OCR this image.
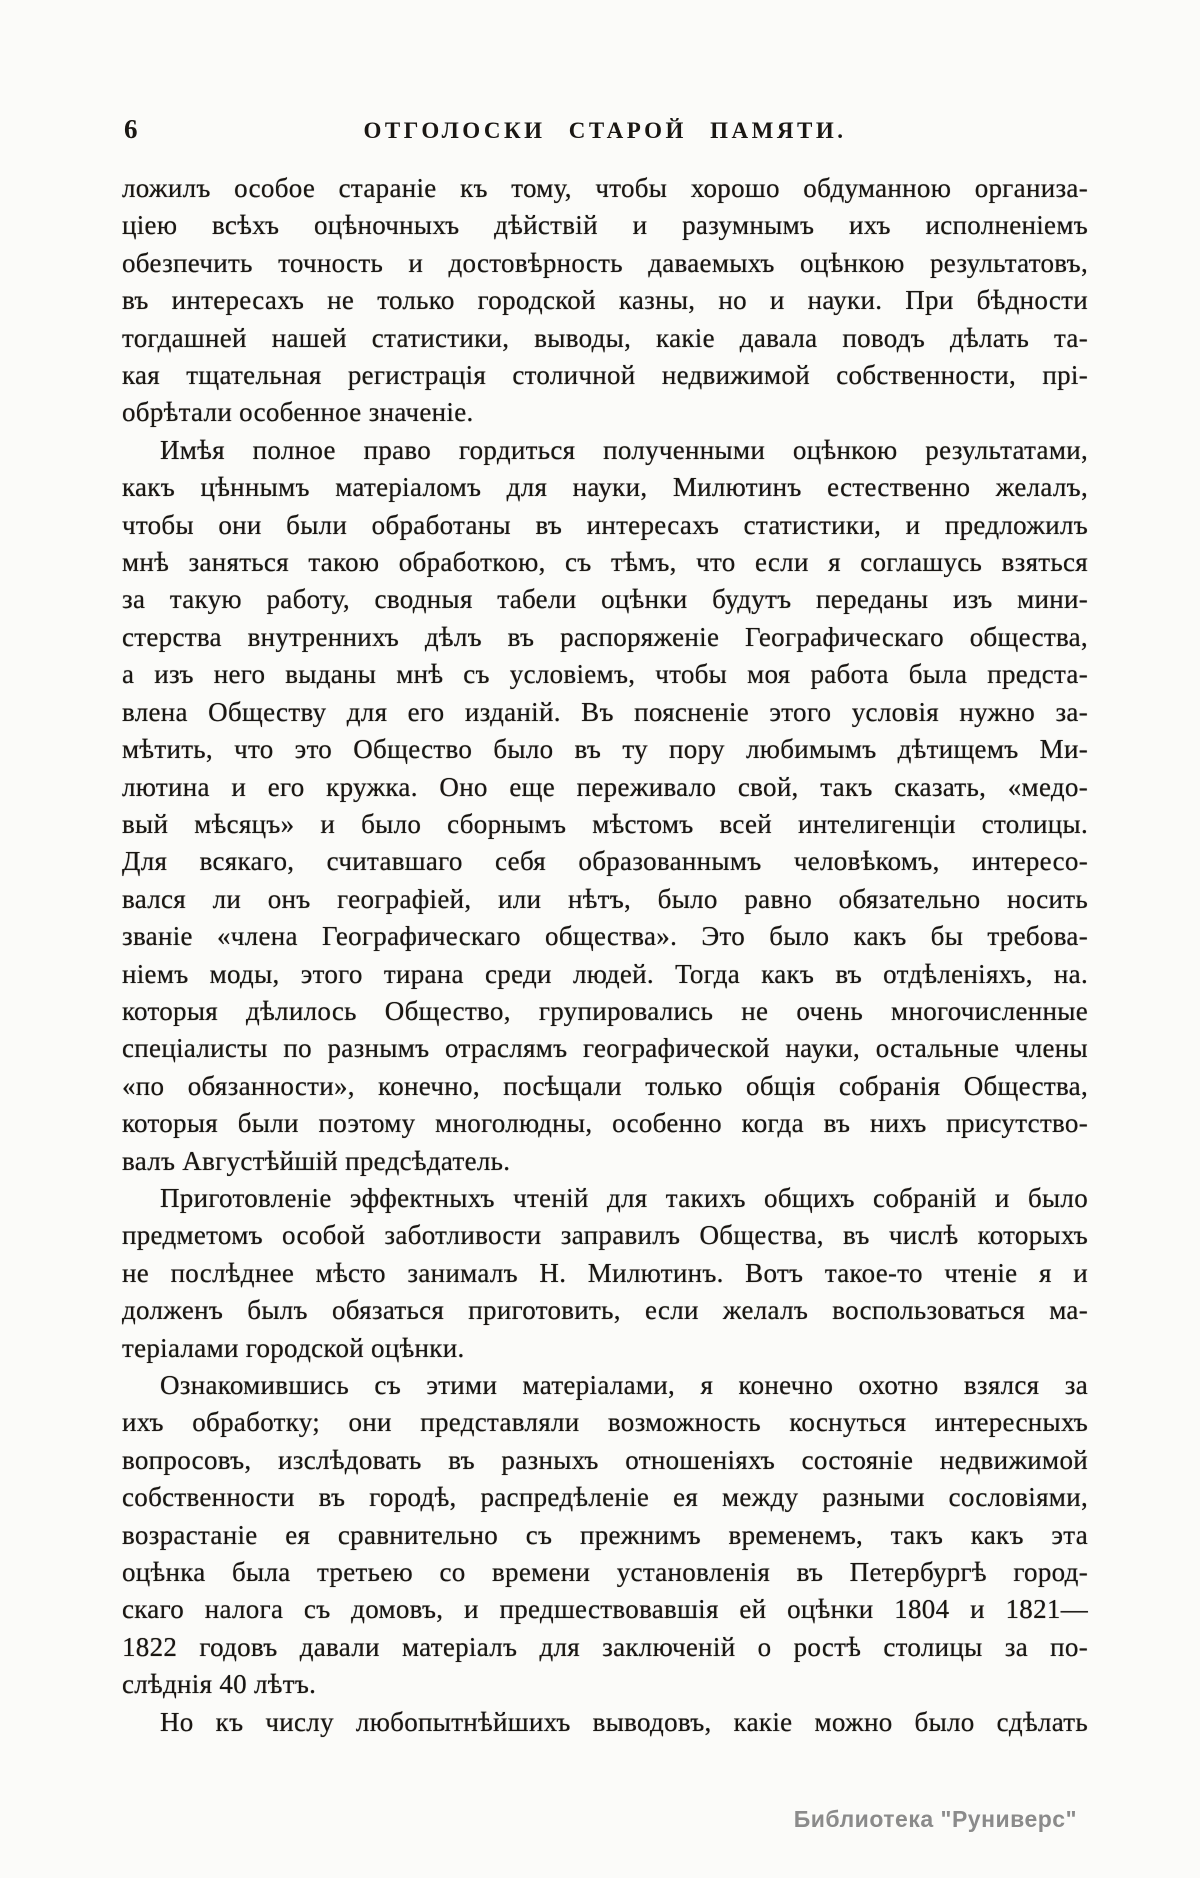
6	ОТГОЛОСКИ СТАРОЙ ПАМЯТИ.
ложилъ особое стараніе къ тому, чтобы хорошо обдуманною организа-
ціею всѣхъ оцѣночныхъ дѣйствій и разумнымъ ихъ исполненіемъ
обезпечить точность и достовѣрность даваемыхъ оцѣнкою результатовъ,
въ интересахъ не только городской казны, но и науки. При бѣдности
тогдашней нашей статистики, выводы, какіе давала поводъ дѣлать та-
кая тщательная регистрація столичной недвижимой собственности, прі-
обрѣтали особенное значеніе.
Имѣя полное право гордиться полученными оцѣнкою результатами,
какъ цѣннымъ матеріаломъ для науки, Милютинъ естественно желалъ,
чтобы они были обработаны въ интересахъ статистики, и предложилъ
мнѣ заняться такою обработкою, съ тѣмъ, что если я соглашусь взяться
за такую работу, сводныя табели оцѣнки будутъ переданы изъ мини-
стерства внутреннихъ дѣлъ въ распоряженіе Географическаго общества,
а изъ него выданы мнѣ съ условіемъ, чтобы моя работа была предста-
влена Обществу для его изданій. Въ поясненіе этого условія нужно за-
мѣтить, что это Общество было въ ту пору любимымъ дѣтищемъ Ми-
лютина и его кружка. Оно еще переживало свой, такъ сказать, «медо-
вый мѣсяцъ» и было сборнымъ мѣстомъ всей интелигенціи столицы.
Для всякаго, считавшаго себя образованнымъ человѣкомъ, интересо-
вался ли онъ географіей, или нѣтъ, было равно обязательно носить
званіе «члена Географическаго общества». Это было какъ бы требова-
ніемъ моды, этого тирана среди людей. Тогда какъ въ отдѣленіяхъ, на.
которыя дѣлилось Общество, групировались не очень многочисленные
спеціалисты по разнымъ отраслямъ географической науки, остальные члены
«по обязанности», конечно, посѣщали только общія собранія Общества,
которыя были поэтому многолюдны, особенно когда въ нихъ присутство-
валъ Августѣйшій предсѣдатель.
Приготовленіе эффектныхъ чтеній для такихъ общихъ собраній и было
предметомъ особой заботливости заправилъ Общества, въ числѣ которыхъ
не послѣднее мѣсто занималъ Н. Милютинъ. Вотъ такое-то чтеніе я и
долженъ былъ обязаться приготовить, если желалъ воспользоваться ма-
теріалами городской оцѣнки.
Ознакомившись съ этими матеріалами, я конечно охотно взялся за
ихъ обработку; они представляли возможность коснуться интересныхъ
вопросовъ, изслѣдовать въ разныхъ отношеніяхъ состояніе недвижимой
собственности въ городѣ, распредѣленіе ея между разными сословіями,
возрастаніе ея сравнительно съ прежнимъ временемъ, такъ какъ эта
оцѣнка была третьею со времени установленія въ Петербургѣ город-
скаго налога съ домовъ, и предшествовавшія ей оцѣнки 1804 и 1821—
1822 годовъ давали матеріалъ для заключеній о ростѣ столицы за по-
слѣднія 40 лѣтъ.
Но къ числу любопытнѣйшихъ выводовъ, какіе можно было сдѣлать
Библиотека "Руниверс"
